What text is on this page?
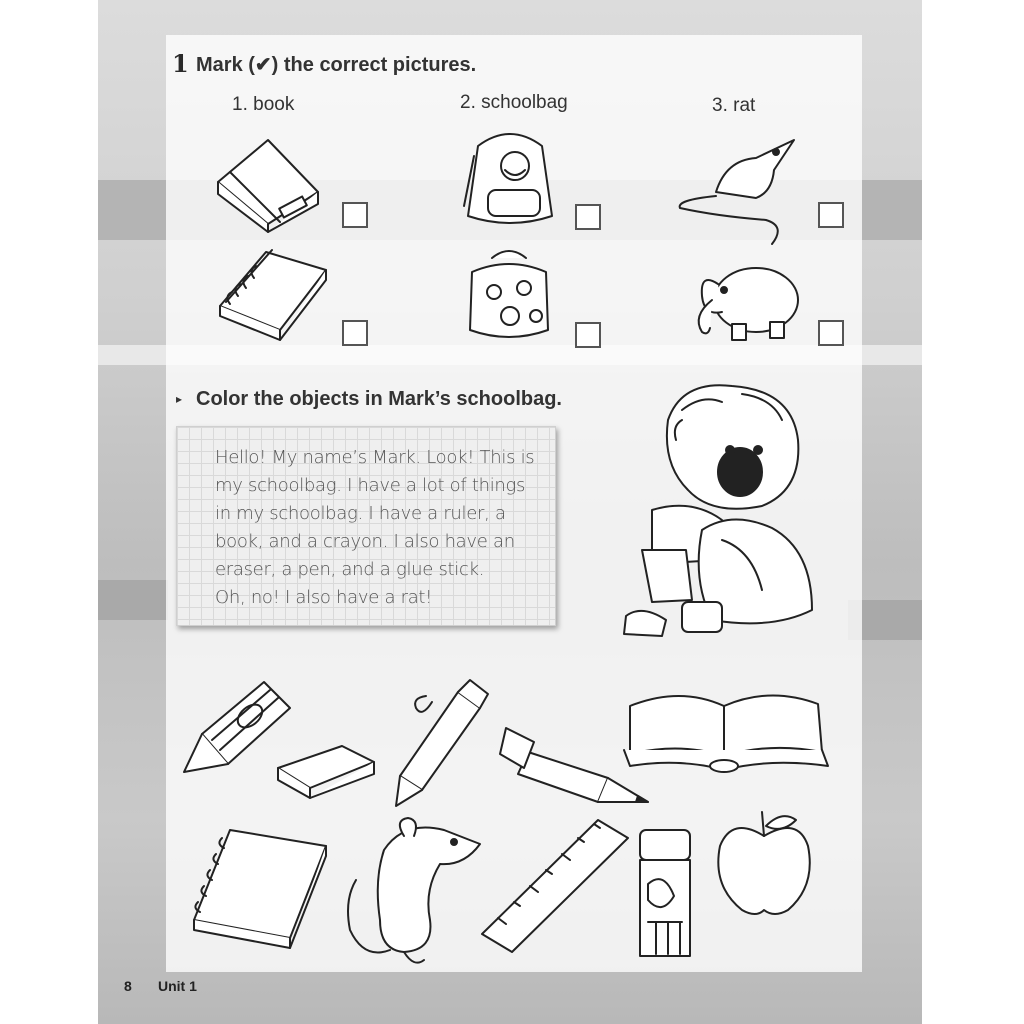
1 Mark (✔) the correct pictures.
1. book	2. schoolbag	3. rat
▸ Color the objects in Mark’s schoolbag.
Hello! My name’s Mark. Look! This is
my schoolbag. I have a lot of things
in my schoolbag. I have a ruler, a
book, and a crayon. I also have an
eraser, a pen, and a glue stick.
Oh, no! I also have a rat!
8 Unit 1
